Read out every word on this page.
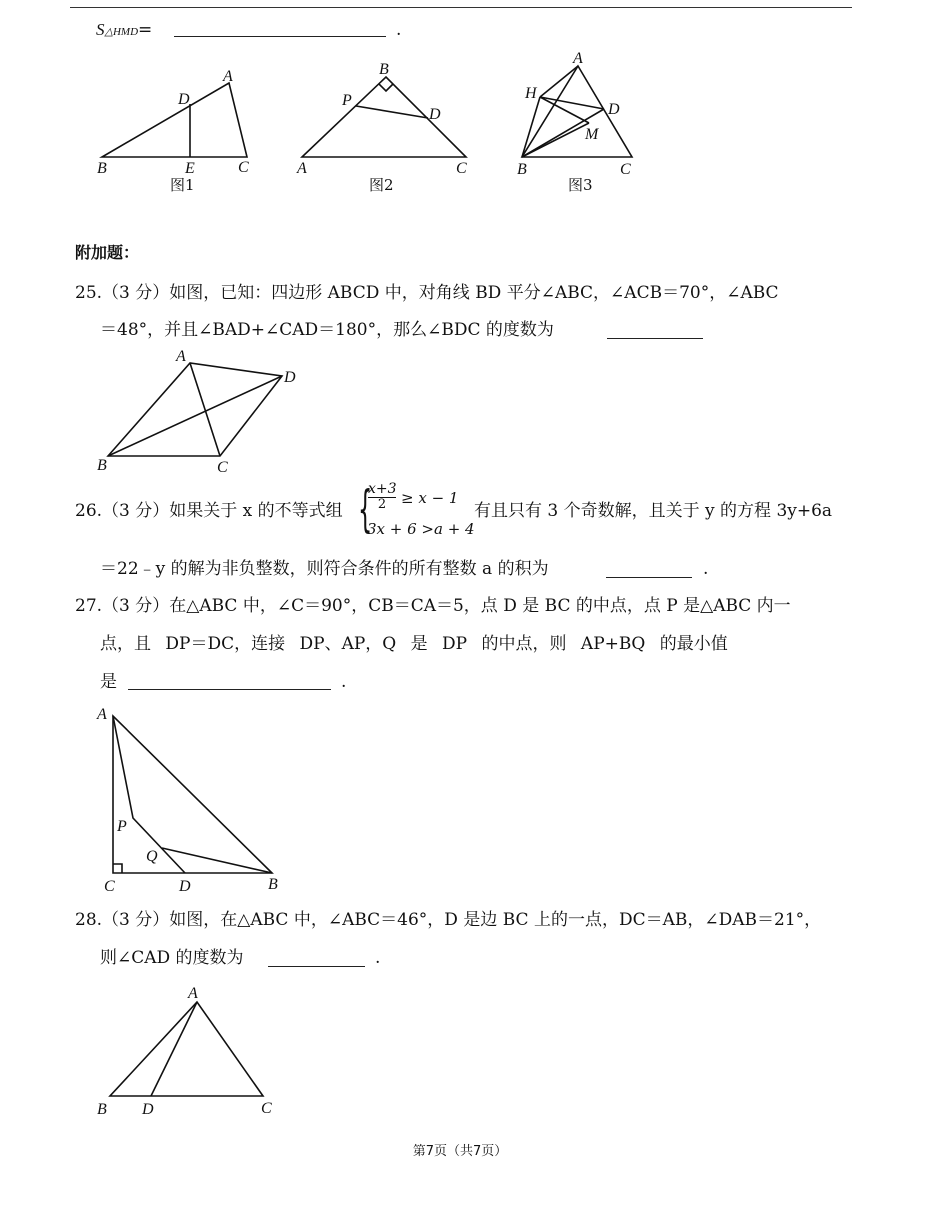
S△HMD=	.
D
A
B	E	C
图1
B
P
D
A	C
图2
A
H
D
M
B	C
图3
附加题：
25.（3 分）如图，已知：四边形 ABCD 中，对角线 BD 平分∠ABC，∠ACB＝70°，∠ABC
＝48°，并且∠BAD+∠CAD＝180°，那么∠BDC 的度数为
A
D
B	C
26.（3 分）如果关于 x 的不等式组 {
x+3
2 ≥ x − 1
3x + 6 >a + 4
有且只有 3 个奇数解，且关于 y 的方程 3y+6a
＝22﹣y 的解为非负整数，则符合条件的所有整数 a 的积为	.
27.（3 分）在△ABC 中，∠C＝90°，CB＝CA＝5，点 D 是 BC 的中点，点 P 是△ABC 内一
点，且 DP＝DC，连接 DP、AP，Q 是 DP 的中点，则 AP+BQ 的最小值
是	.
A
P
Q
C	D	B
28.（3 分）如图，在△ABC 中，∠ABC＝46°，D 是边 BC 上的一点，DC＝AB，∠DAB＝21°，
则∠CAD 的度数为	.
A
B D	C
第7页（共7页）
